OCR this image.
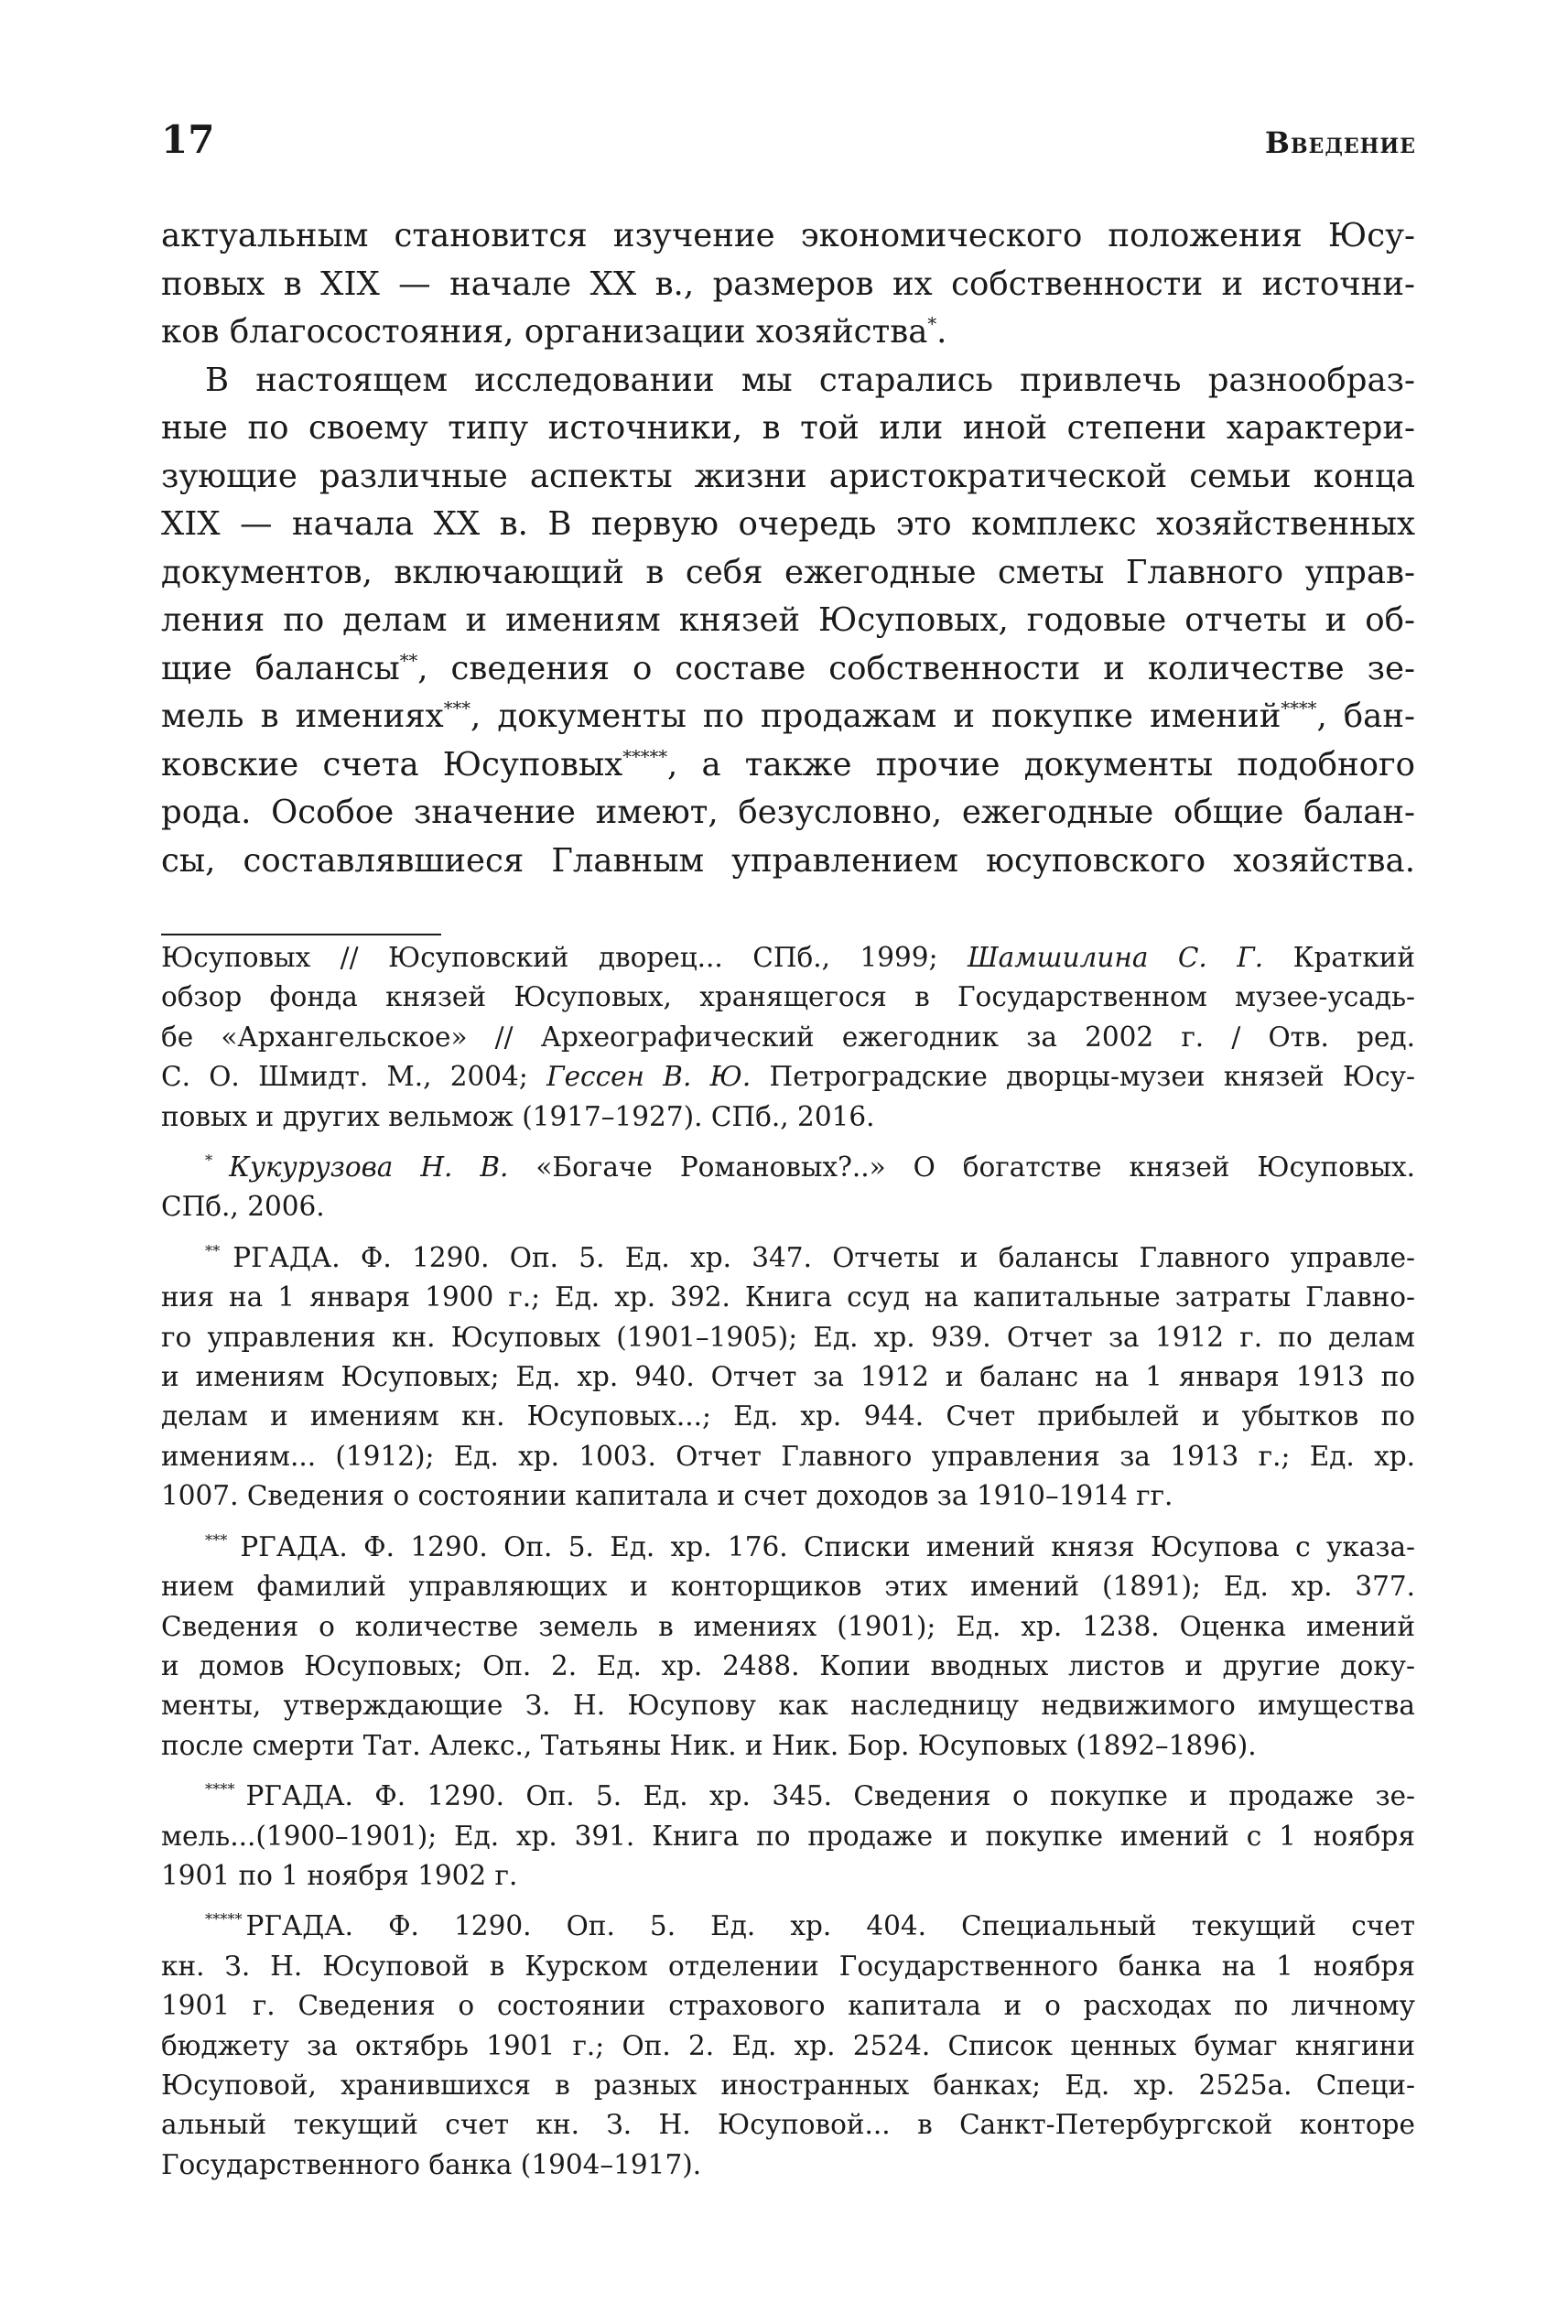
17	Введение

актуальным становится изучение экономического положения Юсу-
повых в XIX — начале XX в., размеров их собственности и источни-
ков благосостояния, организации хозяйства*.

В настоящем исследовании мы старались привлечь разнообраз-
ные по своему типу источники, в той или иной степени характери-
зующие различные аспекты жизни аристократической семьи конца
XIX — начала XX в. В первую очередь это комплекс хозяйственных
документов, включающий в себя ежегодные сметы Главного управ-
ления по делам и имениям князей Юсуповых, годовые отчеты и об-
щие балансы**, сведения о составе собственности и количестве зе-
мель в имениях***, документы по продажам и покупке имений****, бан-
ковские счета Юсуповых*****, а также прочие документы подобного
рода. Особое значение имеют, безусловно, ежегодные общие балан-
сы, составлявшиеся Главным управлением юсуповского хозяйства.

Юсуповых // Юсуповский дворец... СПб., 1999; Шамшилина С. Г. Краткий
обзор фонда князей Юсуповых, хранящегося в Государственном музее-усадь-
бе «Архангельское» // Археографический ежегодник за 2002 г. / Отв. ред.
С. О. Шмидт. М., 2004; Гессен В. Ю. Петроградские дворцы-музеи князей Юсу-
повых и других вельмож (1917–1927). СПб., 2016.
* Кукурузова Н. В. «Богаче Романовых?..» О богатстве князей Юсуповых.
СПб., 2006.
** РГАДА. Ф. 1290. Оп. 5. Ед. хр. 347. Отчеты и балансы Главного управле-
ния на 1 января 1900 г.; Ед. хр. 392. Книга ссуд на капитальные затраты Главно-
го управления кн. Юсуповых (1901–1905); Ед. хр. 939. Отчет за 1912 г. по делам
и имениям Юсуповых; Ед. хр. 940. Отчет за 1912 и баланс на 1 января 1913 по
делам и имениям кн. Юсуповых...; Ед. хр. 944. Счет прибылей и убытков по
имениям... (1912); Ед. хр. 1003. Отчет Главного управления за 1913 г.; Ед. хр.
1007. Сведения о состоянии капитала и счет доходов за 1910–1914 гг.
*** РГАДА. Ф. 1290. Оп. 5. Ед. хр. 176. Списки имений князя Юсупова с указа-
нием фамилий управляющих и конторщиков этих имений (1891); Ед. хр. 377.
Сведения о количестве земель в имениях (1901); Ед. хр. 1238. Оценка имений
и домов Юсуповых; Оп. 2. Ед. хр. 2488. Копии вводных листов и другие доку-
менты, утверждающие З. Н. Юсупову как наследницу недвижимого имущества
после смерти Тат. Алекс., Татьяны Ник. и Ник. Бор. Юсуповых (1892–1896).
**** РГАДА. Ф. 1290. Оп. 5. Ед. хр. 345. Сведения о покупке и продаже зе-
мель...(1900–1901); Ед. хр. 391. Книга по продаже и покупке имений с 1 ноября
1901 по 1 ноября 1902 г.
***** РГАДА. Ф. 1290. Оп. 5. Ед. хр. 404. Специальный текущий счет
кн. З. Н. Юсуповой в Курском отделении Государственного банка на 1 ноября
1901 г. Сведения о состоянии страхового капитала и о расходах по личному
бюджету за октябрь 1901 г.; Оп. 2. Ед. хр. 2524. Список ценных бумаг княгини
Юсуповой, хранившихся в разных иностранных банках; Ед. хр. 2525а. Специ-
альный текущий счет кн. З. Н. Юсуповой... в Санкт-Петербургской конторе
Государственного банка (1904–1917).
